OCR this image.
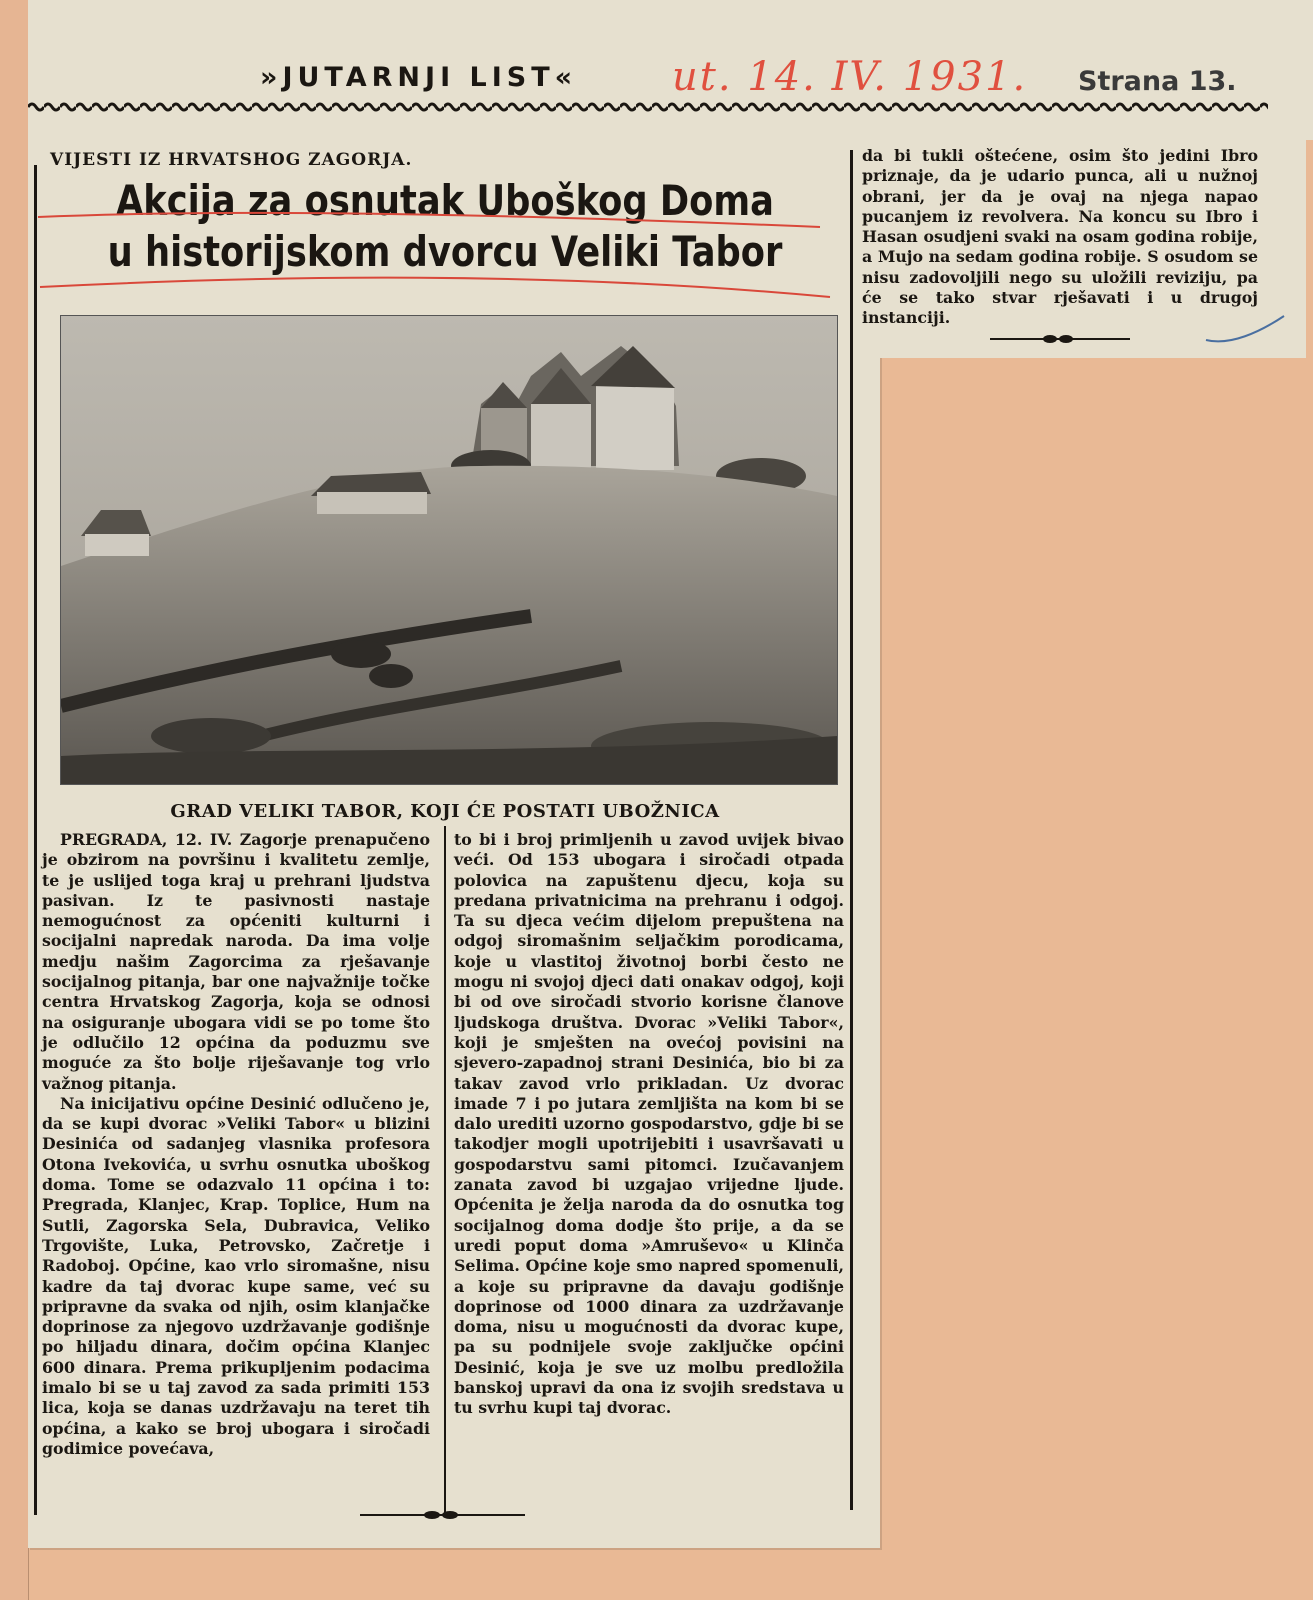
»JUTARNJI LIST« ut. 14. IV. 1931. Strana 13.
VIJESTI IZ HRVATSHOG ZAGORJA.
Akcija za osnutak Uboškog Doma
u historijskom dvorcu Veliki Tabor
GRAD VELIKI TABOR, KOJI ĆE POSTATI UBOŽNICA

PREGRADA, 12. IV. Zagorje prenapučeno je obzirom na površinu i kvalitetu zemlje, te je uslijed toga kraj u prehrani ljudstva pasivan. Iz te pasivnosti nastaje nemogućnost za općeniti kulturni i socijalni napredak naroda. Da ima volje medju našim Zagorcima za rješavanje socijalnog pitanja, bar one najvažnije točke centra Hrvatskog Zagorja, koja se odnosi na osiguranje ubogara vidi se po tome što je odlučilo 12 općina da poduzmu sve moguće za što bolje riješavanje tog vrlo važnog pitanja.

Na inicijativu općine Desinić odlučeno je, da se kupi dvorac »Veliki Tabor« u blizini Desinića od sadanjeg vlasnika profesora Otona Ivekovića, u svrhu osnutka uboškog doma. Tome se odazvalo 11 općina i to: Pregrada, Klanjec, Krap. Toplice, Hum na Sutli, Zagorska Sela, Dubravica, Veliko Trgovište, Luka, Petrovsko, Začretje i Radoboj. Općine, kao vrlo siromašne, nisu kadre da taj dvorac kupe same, već su pripravne da svaka od njih, osim klanjačke doprinose za njegovo uzdržavanje godišnje po hiljadu dinara, dočim općina Klanjec 600 dinara. Prema prikupljenim podacima imalo bi se u taj zavod za sada primiti 153 lica, koja se danas uzdržavaju na teret tih općina, a kako se broj ubogara i siročadi godimice povećava,

to bi i broj primljenih u zavod uvijek bivao veći. Od 153 ubogara i siročadi otpada polovica na zapuštenu djecu, koja su predana privatnicima na prehranu i odgoj. Ta su djeca većim dijelom prepuštena na odgoj siromašnim seljačkim porodicama, koje u vlastitoj životnoj borbi često ne mogu ni svojoj djeci dati onakav odgoj, koji bi od ove siročadi stvorio korisne članove ljudskoga društva. Dvorac »Veliki Tabor«, koji je smješten na ovećoj povisini na sjevero-zapadnoj strani Desinića, bio bi za takav zavod vrlo prikladan. Uz dvorac imade 7 i po jutara zemljišta na kom bi se dalo urediti uzorno gospodarstvo, gdje bi se takodjer mogli upotrijebiti i usavršavati u gospodarstvu sami pitomci. Izučavanjem zanata zavod bi uzgajao vrijedne ljude. Općenita je želja naroda da do osnutka tog socijalnog doma dodje što prije, a da se uredi poput doma »Amruševo« u Klinča Selima. Općine koje smo napred spomenuli, a koje su pripravne da davaju godišnje doprinose od 1000 dinara za uzdržavanje doma, nisu u mogućnosti da dvorac kupe, pa su podnijele svoje zaključke općini Desinić, koja je sve uz molbu predložila banskoj upravi da ona iz svojih sredstava u tu svrhu kupi taj dvorac.

da bi tukli oštećene, osim što jedini Ibro priznaje, da je udario punca, ali u nužnoj obrani, jer da je ovaj na njega napao pucanjem iz revolvera. Na koncu su Ibro i Hasan osudjeni svaki na osam godina robije, a Mujo na sedam godina robije. S osudom se nisu zadovoljili nego su uložili reviziju, pa će se tako stvar rješavati i u drugoj instanciji.
